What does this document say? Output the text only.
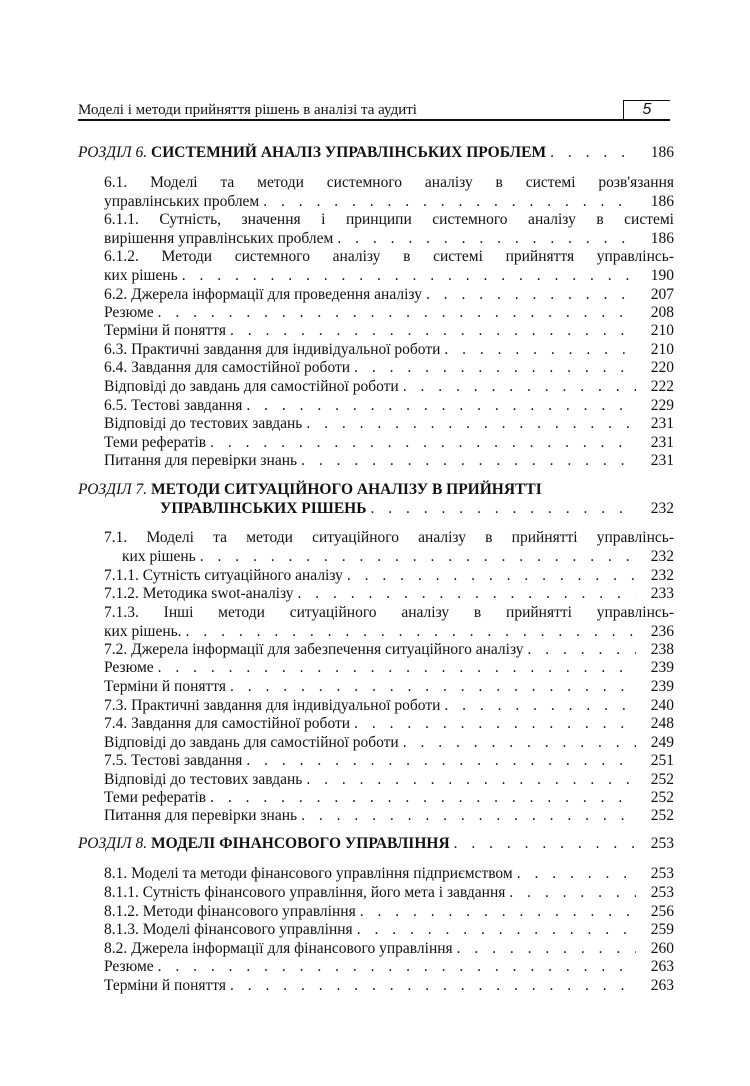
Моделі і методи прийняття рішень в аналізі та аудиті	5
РОЗДІЛ 6. СИСТЕМНИЙ АНАЛІЗ УПРАВЛІНСЬКИХ ПРОБЛЕМ . . .	186
6.1. Моделі та методи системного аналізу в системі розв'язання
управлінських проблем . . .	186
6.1.1. Сутність, значення і принципи системного аналізу в системі
вирішення управлінських проблем . . .	186
6.1.2. Методи системного аналізу в системі прийняття управлінсь-
ких рішень . . .	190
6.2. Джерела інформації для проведення аналізу . . .	207
Резюме . . .	208
Терміни й поняття . . .	210
6.3. Практичні завдання для індивідуальної роботи . . .	210
6.4. Завдання для самостійної роботи . . .	220
Відповіді до завдань для самостійної роботи . . .	222
6.5. Тестові завдання . . .	229
Відповіді до тестових завдань . . .	231
Теми рефератів . . .	231
Питання для перевірки знань . . .	231
РОЗДІЛ 7. МЕТОДИ СИТУАЦІЙНОГО АНАЛІЗУ В ПРИЙНЯТТІ
УПРАВЛІНСЬКИХ РІШЕНЬ . . .	232
7.1. Моделі та методи ситуаційного аналізу в прийнятті управлінсь-
ких рішень . . .	232
7.1.1. Сутність ситуаційного аналізу . . .	232
7.1.2. Методика swot-аналізу . . .	233
7.1.3. Інші методи ситуаційного аналізу в прийнятті управлінсь-
ких рішень. . . .	236
7.2. Джерела інформації для забезпечення ситуаційного аналізу . . .	238
Резюме . . .	239
Терміни й поняття . . .	239
7.3. Практичні завдання для індивідуальної роботи . . .	240
7.4. Завдання для самостійної роботи . . .	248
Відповіді до завдань для самостійної роботи . . .	249
7.5. Тестові завдання . . .	251
Відповіді до тестових завдань . . .	252
Теми рефератів . . .	252
Питання для перевірки знань . . .	252
РОЗДІЛ 8. МОДЕЛІ ФІНАНСОВОГО УПРАВЛІННЯ . . .	253
8.1. Моделі та методи фінансового управління підприємством . . .	253
8.1.1. Сутність фінансового управління, його мета і завдання . . .	253
8.1.2. Методи фінансового управління . . .	256
8.1.3. Моделі фінансового управління . . .	259
8.2. Джерела інформації для фінансового управління . . .	260
Резюме . . .	263
Терміни й поняття . . .	263
